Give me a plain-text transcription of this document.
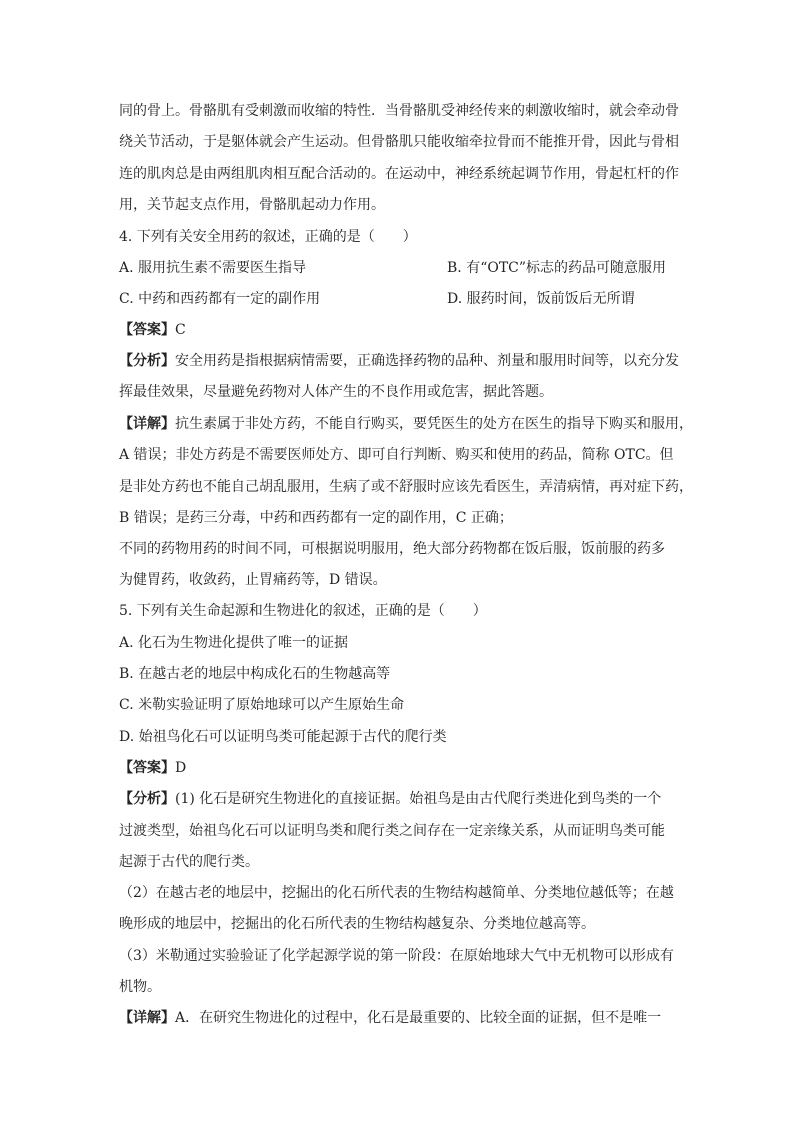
同的骨上。骨骼肌有受刺激而收缩的特性．当骨骼肌受神经传来的刺激收缩时，就会牵动骨
绕关节活动，于是躯体就会产生运动。但骨骼肌只能收缩牵拉骨而不能推开骨，因此与骨相
连的肌肉总是由两组肌肉相互配合活动的。在运动中，神经系统起调节作用，骨起杠杆的作
用，关节起支点作用，骨骼肌起动力作用。
4. 下列有关安全用药的叙述，正确的是（　　）
A. 服用抗生素不需要医生指导	B. 有“OTC”标志的药品可随意服用
C. 中药和西药都有一定的副作用	D. 服药时间，饭前饭后无所谓
【答案】C
【分析】安全用药是指根据病情需要，正确选择药物的品种、剂量和服用时间等，以充分发
挥最佳效果，尽量避免药物对人体产生的不良作用或危害，据此答题。
【详解】抗生素属于非处方药，不能自行购买，要凭医生的处方在医生的指导下购买和服用，
A 错误；非处方药是不需要医师处方、即可自行判断、购买和使用的药品，简称 OTC。但
是非处方药也不能自己胡乱服用，生病了或不舒服时应该先看医生，弄清病情，再对症下药，
B 错误；是药三分毒，中药和西药都有一定的副作用，C 正确；
不同的药物用药的时间不同，可根据说明服用，绝大部分药物都在饭后服，饭前服的药多
为健胃药，收敛药，止胃痛药等，D 错误。
5. 下列有关生命起源和生物进化的叙述，正确的是（　　）
A. 化石为生物进化提供了唯一的证据
B. 在越古老的地层中构成化石的生物越高等
C. 米勒实验证明了原始地球可以产生原始生命
D. 始祖鸟化石可以证明鸟类可能起源于古代的爬行类
【答案】D
【分析】(1) 化石是研究生物进化的直接证据。始祖鸟是由古代爬行类进化到鸟类的一个
过渡类型，始祖鸟化石可以证明鸟类和爬行类之间存在一定亲缘关系，从而证明鸟类可能
起源于古代的爬行类。
（2）在越古老的地层中，挖掘出的化石所代表的生物结构越简单、分类地位越低等；在越
晚形成的地层中，挖掘出的化石所代表的生物结构越复杂、分类地位越高等。
（3）米勒通过实验验证了化学起源学说的第一阶段：在原始地球大气中无机物可以形成有
机物。
【详解】A．在研究生物进化的过程中，化石是最重要的、比较全面的证据，但不是唯一
